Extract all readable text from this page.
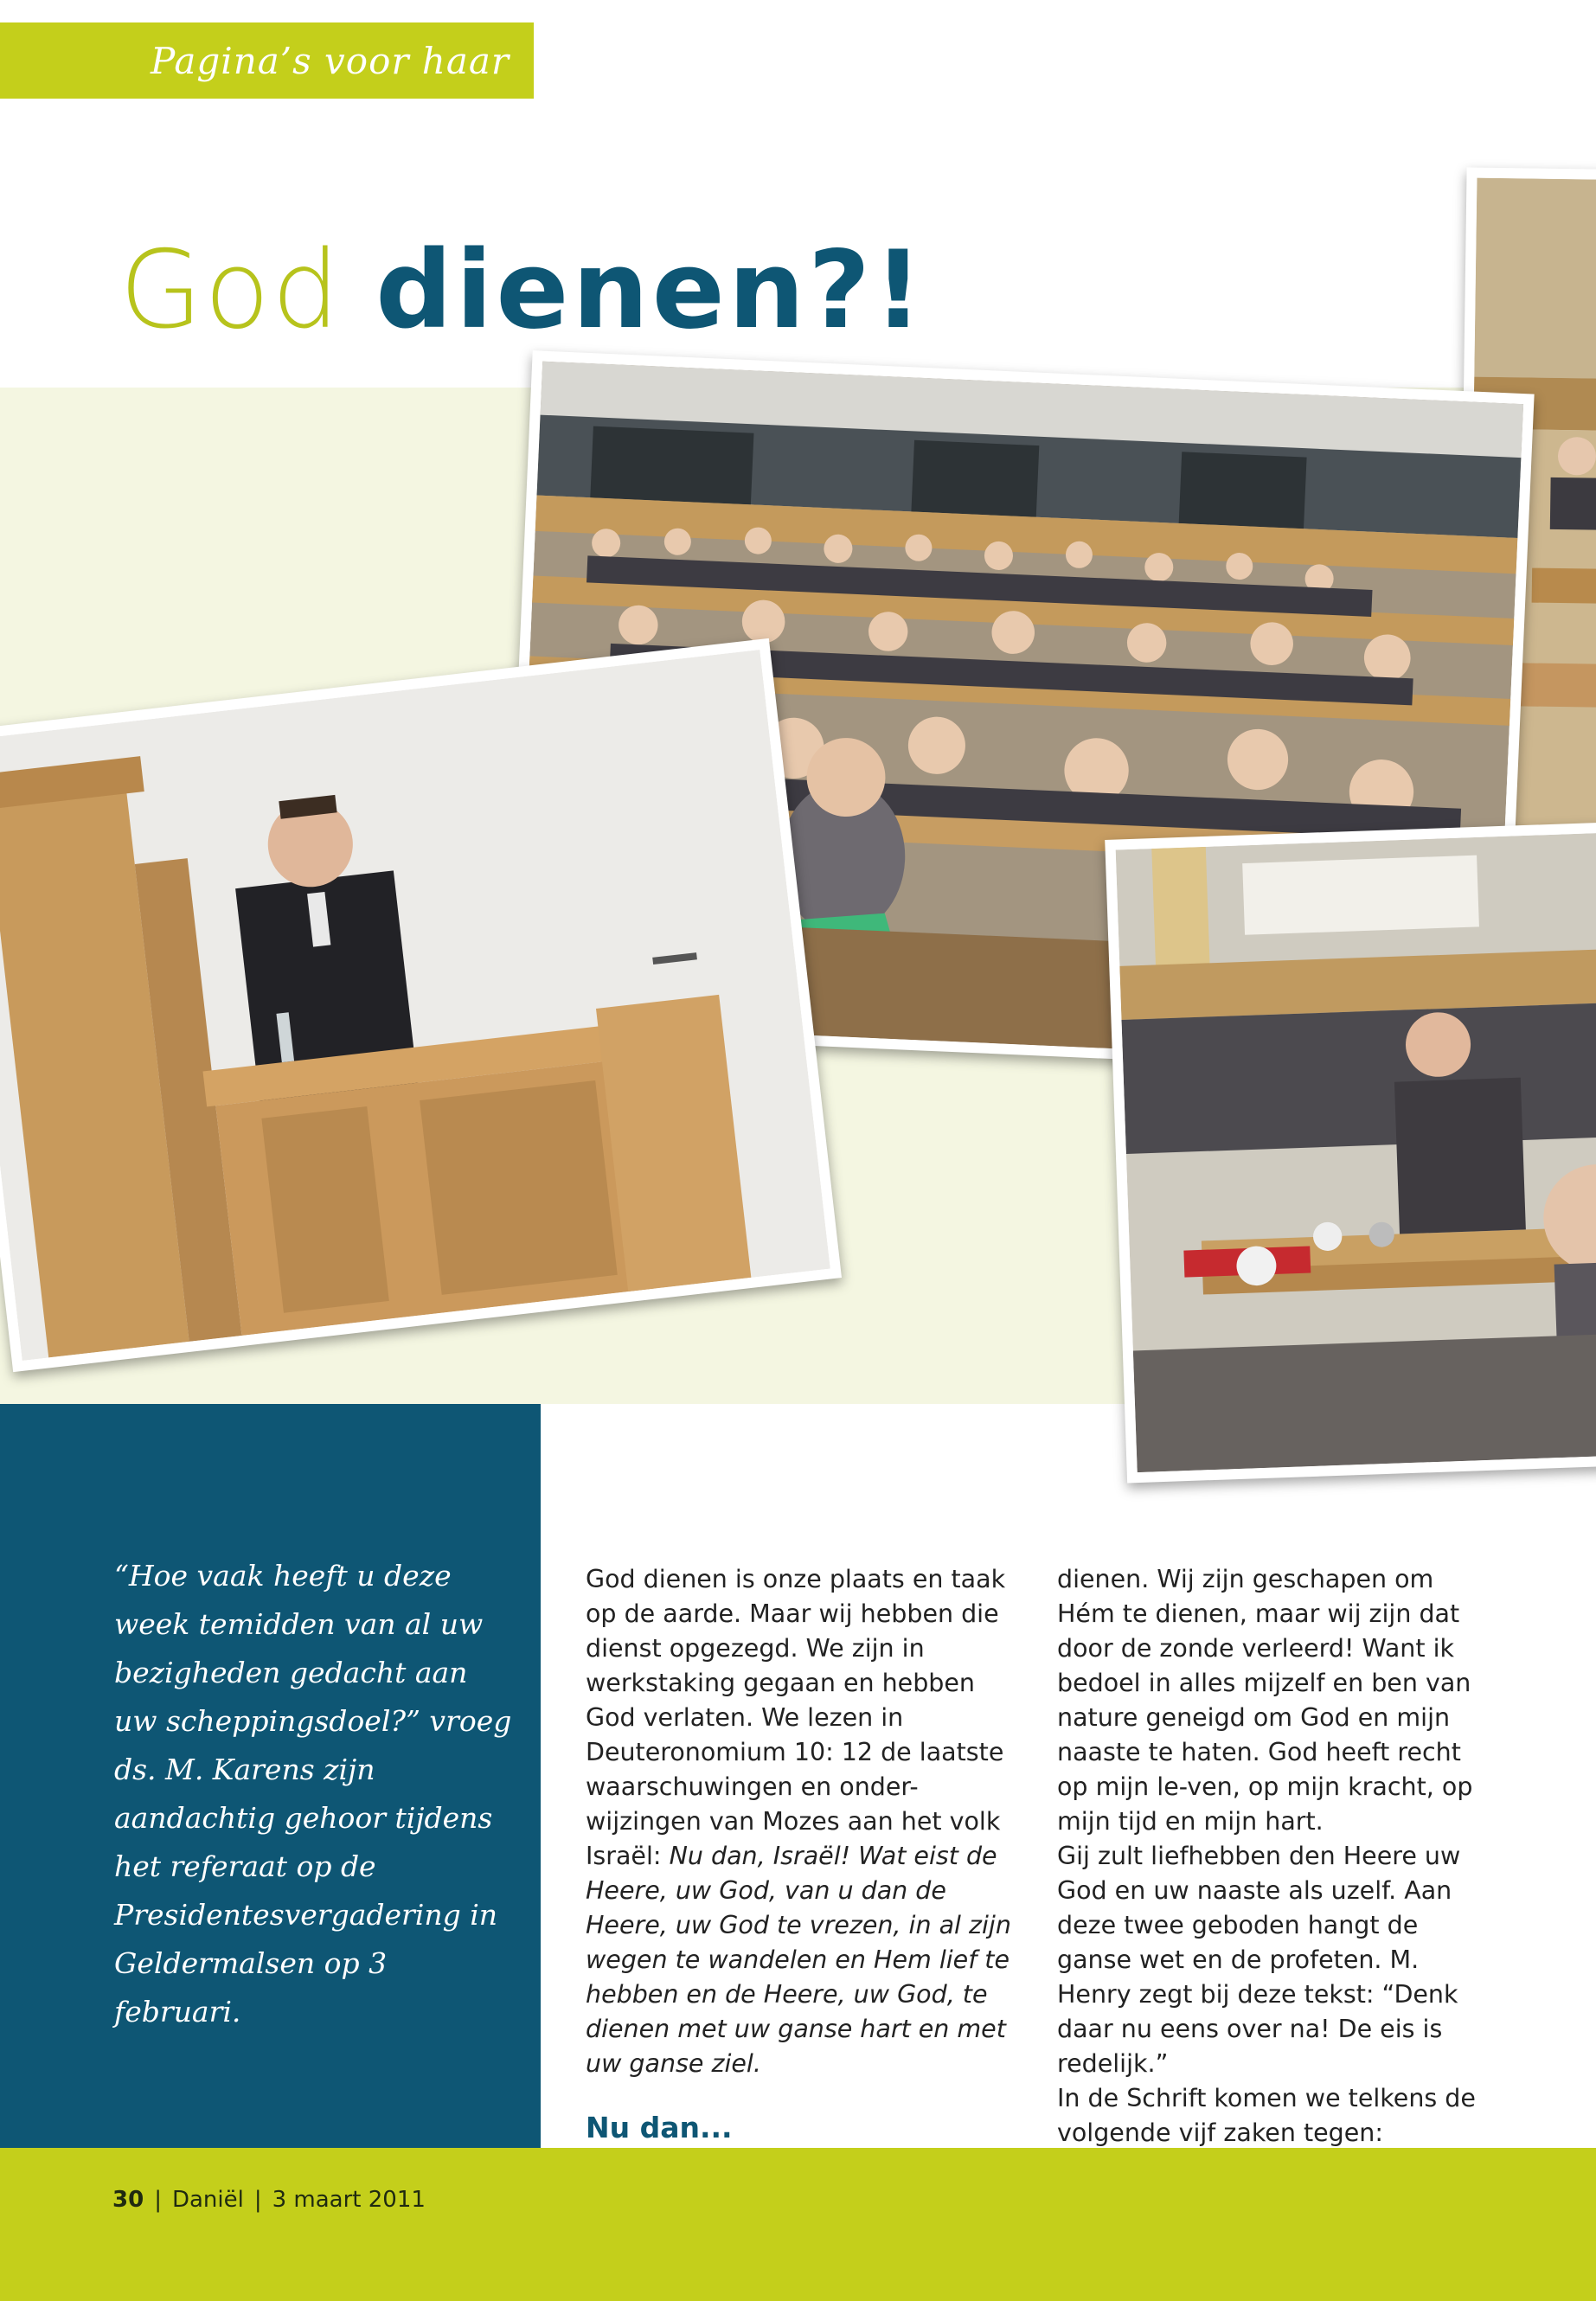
Pagina’s voor haar
God dienen?!

“Hoe vaak heeft u deze week temidden van al uw bezigheden gedacht aan uw scheppingsdoel?” vroeg ds. M. Karens zijn aandachtig gehoor tijdens het referaat op de Presidentesvergadering in Geldermalsen op 3 februari.

God dienen is onze plaats en taak op de aarde. Maar wij hebben die dienst opgezegd. We zijn in werkstaking gegaan en hebben God verlaten. We lezen in Deuteronomium 10: 12 de laatste waarschuwingen en onder-wijzingen van Mozes aan het volk Israël: Nu dan, Israël! Wat eist de Heere, uw God, van u dan de Heere, uw God te vrezen, in al zijn wegen te wandelen en Hem lief te hebben en de Heere, uw God, te dienen met uw ganse hart en met uw ganse ziel.

Nu dan...

dienen. Wij zijn geschapen om Hém te dienen, maar wij zijn dat door de zonde verleerd! Want ik bedoel in alles mijzelf en ben van nature geneigd om God en mijn naaste te haten. God heeft recht op mijn le-ven, op mijn kracht, op mijn tijd en mijn hart.

Gij zult liefhebben den Heere uw God en uw naaste als uzelf. Aan deze twee geboden hangt de ganse wet en de profeten. M. Henry zegt bij deze tekst: “Denk daar nu eens over na! De eis is redelijk.”

In de Schrift komen we telkens de volgende vijf zaken tegen:

30 | Daniël | 3 maart 2011
